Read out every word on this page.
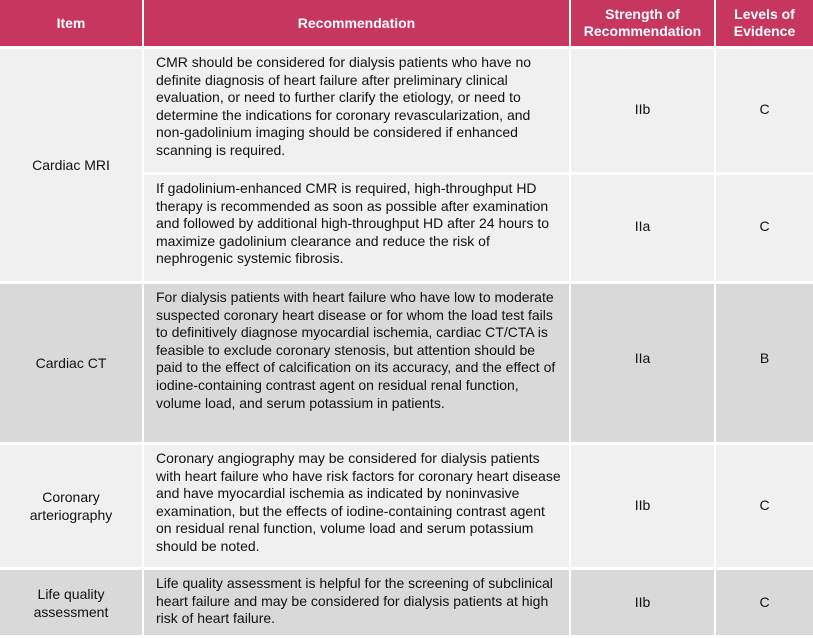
Item	Recommendation	Strength of Recommendation	Levels of Evidence
Cardiac MRI	CMR should be considered for dialysis patients who have no definite diagnosis of heart failure after preliminary clinical evaluation, or need to further clarify the etiology, or need to determine the indications for coronary revascularization, and non-gadolinium imaging should be considered if enhanced scanning is required.	IIb	C

	If gadolinium-enhanced CMR is required, high-throughput HD therapy is recommended as soon as possible after examination and followed by additional high-throughput HD after 24 hours to maximize gadolinium clearance and reduce the risk of nephrogenic systemic fibrosis.	IIa	C

Cardiac CT	For dialysis patients with heart failure who have low to moderate suspected coronary heart disease or for whom the load test fails to definitively diagnose myocardial ischemia, cardiac CT/CTA is feasible to exclude coronary stenosis, but attention should be paid to the effect of calcification on its accuracy, and the effect of iodine-containing contrast agent on residual renal function, volume load, and serum potassium in patients.	IIa	B

Coronary arteriography	Coronary angiography may be considered for dialysis patients with heart failure who have risk factors for coronary heart disease and have myocardial ischemia as indicated by noninvasive examination, but the effects of iodine-containing contrast agent on residual renal function, volume load and serum potassium should be noted.	IIb	C

Life quality assessment	Life quality assessment is helpful for the screening of subclinical heart failure and may be considered for dialysis patients at high risk of heart failure.	IIb	C
